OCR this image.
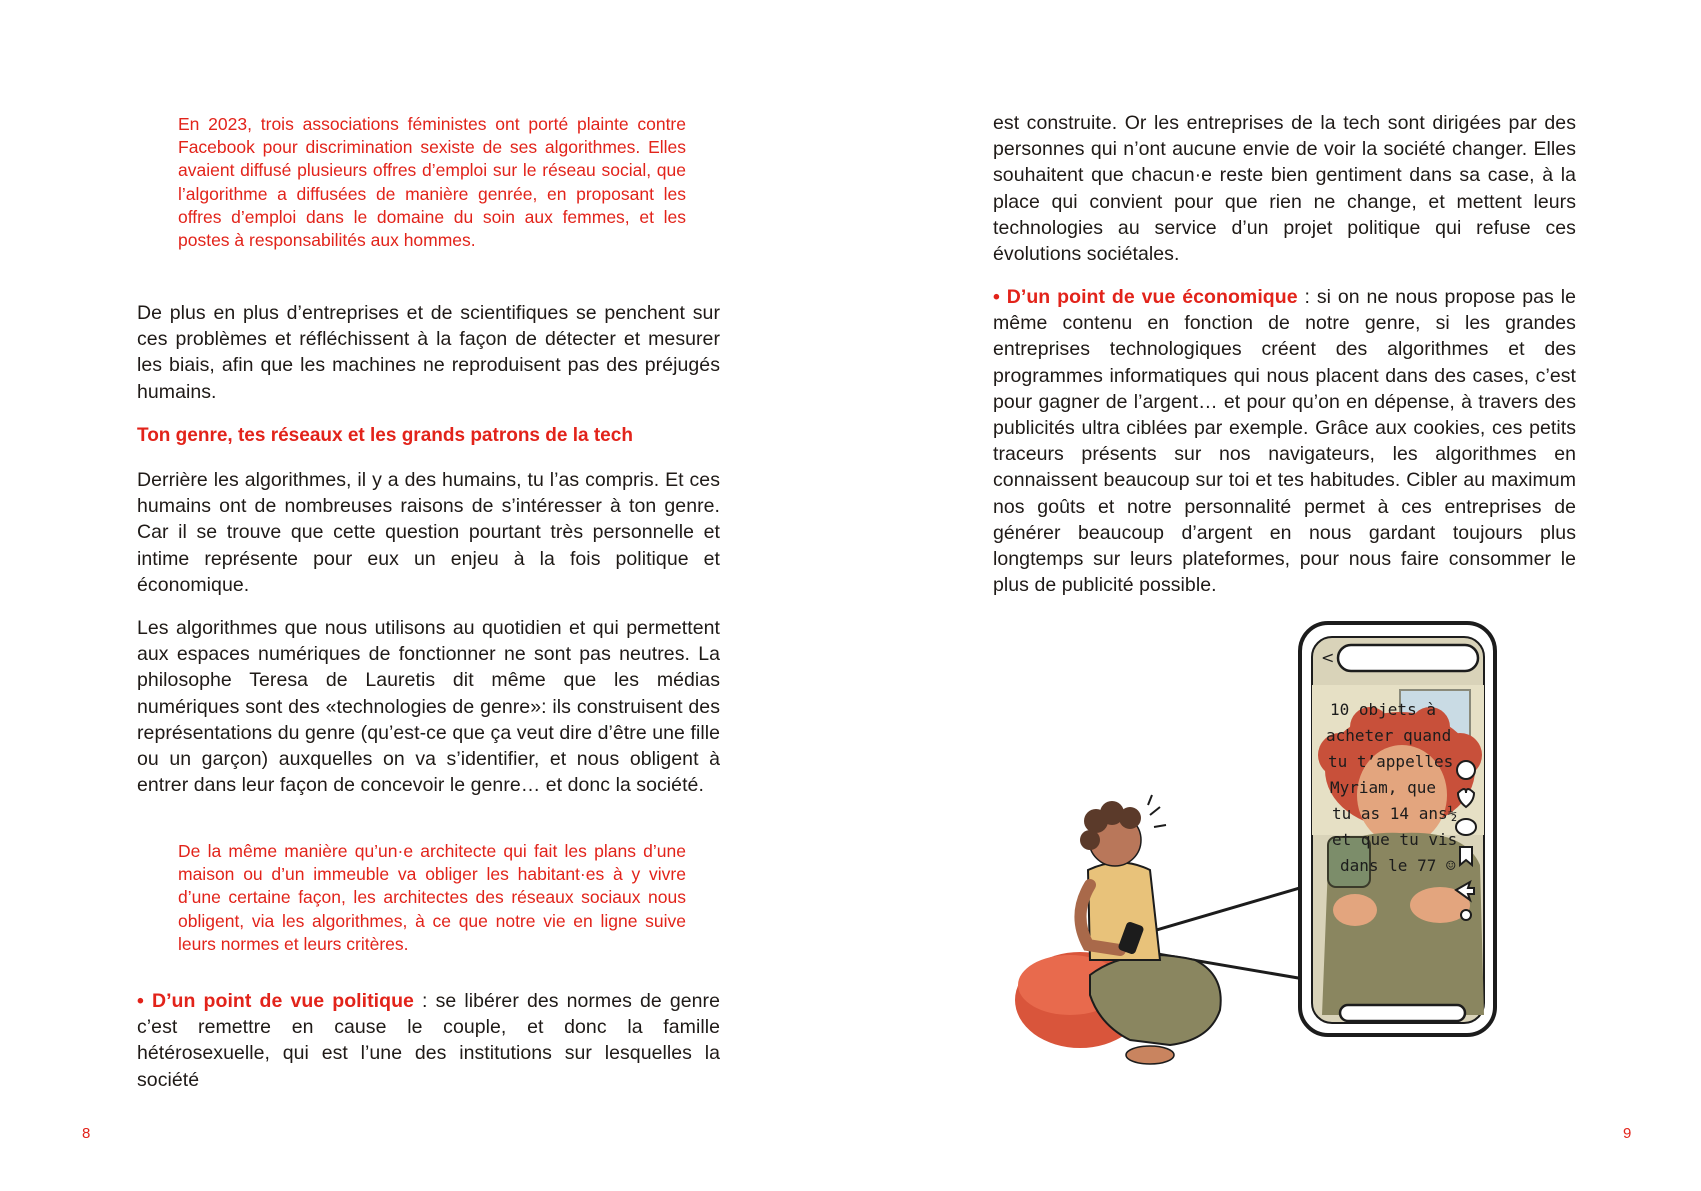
En 2023, trois associations féministes ont porté plainte contre Facebook pour discrimination sexiste de ses algorithmes. Elles avaient diffusé plusieurs offres d’emploi sur le réseau social, que l’algorithme a diffusées de manière genrée, en proposant les offres d’emploi dans le domaine du soin aux femmes, et les postes à responsabilités aux hommes.

De plus en plus d’entreprises et de scientifiques se penchent sur ces problèmes et réfléchissent à la façon de détecter et mesurer les biais, afin que les machines ne reproduisent pas des préjugés humains.

Ton genre, tes réseaux et les grands patrons de la tech

Derrière les algorithmes, il y a des humains, tu l’as compris. Et ces humains ont de nombreuses raisons de s’intéresser à ton genre. Car il se trouve que cette question pourtant très personnelle et intime représente pour eux un enjeu à la fois politique et économique.

Les algorithmes que nous utilisons au quotidien et qui permettent aux espaces numériques de fonctionner ne sont pas neutres. La philosophe Teresa de Lauretis dit même que les médias numériques sont des «technologies de genre»: ils construisent des représentations du genre (qu’est-ce que ça veut dire d’être une fille ou un garçon) auxquelles on va s’identifier, et nous obligent à entrer dans leur façon de concevoir le genre… et donc la société.

De la même manière qu’un·e architecte qui fait les plans d’une maison ou d’un immeuble va obliger les habitant·es à y vivre d’une certaine façon, les architectes des réseaux sociaux nous obligent, via les algorithmes, à ce que notre vie en ligne suive leurs normes et leurs critères.

• D’un point de vue politique : se libérer des normes de genre c’est remettre en cause le couple, et donc la famille hétérosexuelle, qui est l’une des institutions sur lesquelles la société

8

est construite. Or les entreprises de la tech sont dirigées par des personnes qui n’ont aucune envie de voir la société changer. Elles souhaitent que chacun·e reste bien gentiment dans sa case, à la place qui convient pour que rien ne change, et mettent leurs technologies au service d’un projet politique qui refuse ces évolutions sociétales.

• D’un point de vue économique : si on ne nous propose pas le même contenu en fonction de notre genre, si les grandes entreprises technologiques créent des algorithmes et des programmes informatiques qui nous placent dans des cases, c’est pour gagner de l’argent… et pour qu’on en dépense, à travers des publicités ultra ciblées par exemple. Grâce aux cookies, ces petits traceurs présents sur nos navigateurs, les algorithmes en connaissent beaucoup sur toi et tes habitudes. Cibler au maximum nos goûts et notre personnalité permet à ces entreprises de générer beaucoup d’argent en nous gardant toujours plus longtemps sur leurs plateformes, pour nous faire consommer le plus de publicité possible.

9
<
10 objets à
acheter quand
tu t’appelles
Myriam, que
tu as 14 ans½
et que tu vis
dans le 77 ☺
